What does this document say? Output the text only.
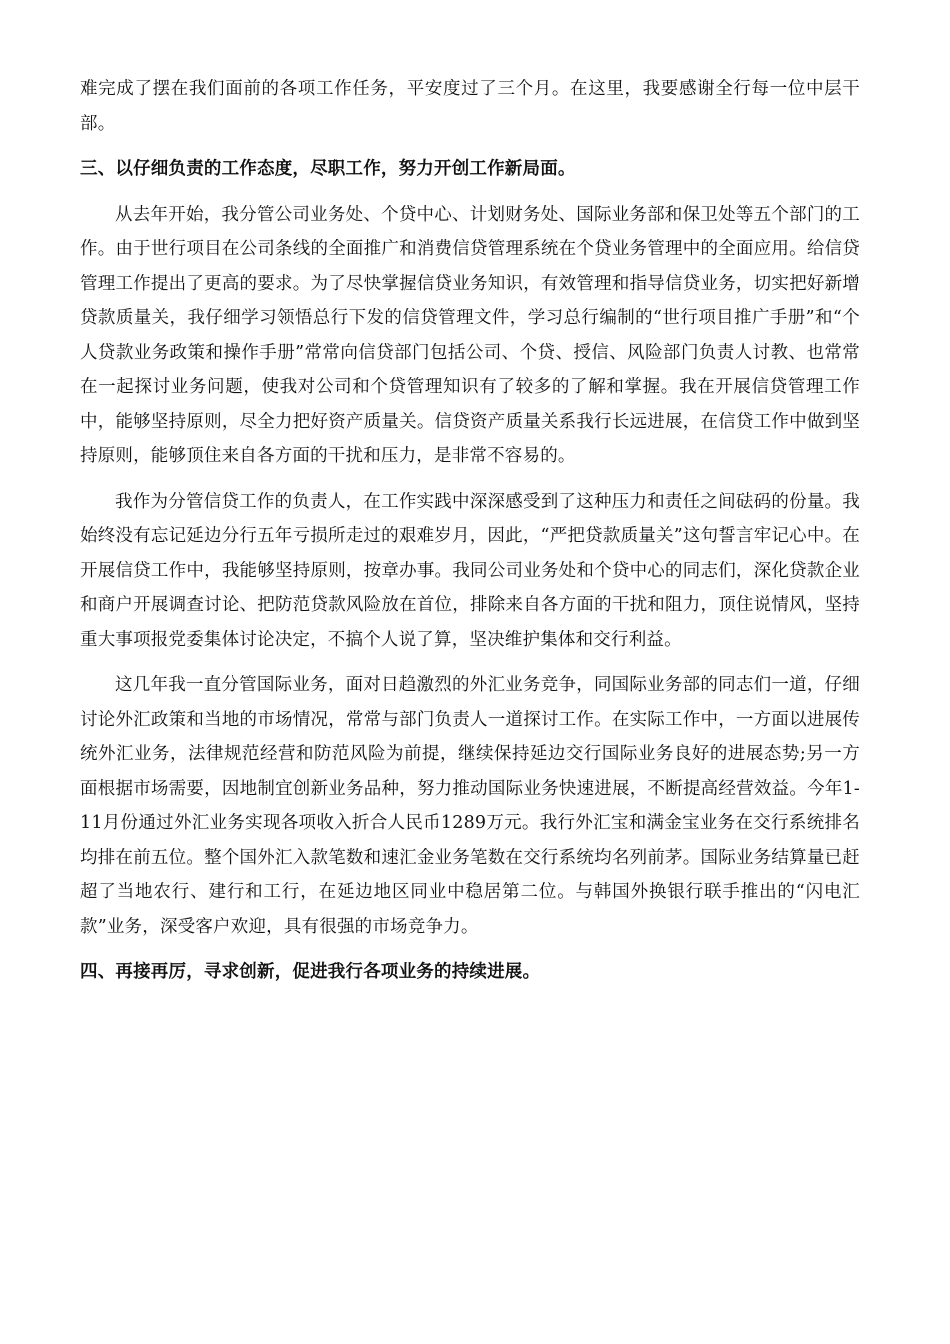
难完成了摆在我们面前的各项工作任务，平安度过了三个月。在这里，我要感谢全行每一位中层干部。

三、以仔细负责的工作态度，尽职工作，努力开创工作新局面。

从去年开始，我分管公司业务处、个贷中心、计划财务处、国际业务部和保卫处等五个部门的工作。由于世行项目在公司条线的全面推广和消费信贷管理系统在个贷业务管理中的全面应用。给信贷管理工作提出了更高的要求。为了尽快掌握信贷业务知识，有效管理和指导信贷业务，切实把好新增贷款质量关，我仔细学习领悟总行下发的信贷管理文件，学习总行编制的“世行项目推广手册”和“个人贷款业务政策和操作手册”常常向信贷部门包括公司、个贷、授信、风险部门负责人讨教、也常常在一起探讨业务问题，使我对公司和个贷管理知识有了较多的了解和掌握。我在开展信贷管理工作中，能够坚持原则，尽全力把好资产质量关。信贷资产质量关系我行长远进展，在信贷工作中做到坚持原则，能够顶住来自各方面的干扰和压力，是非常不容易的。

我作为分管信贷工作的负责人，在工作实践中深深感受到了这种压力和责任之间砝码的份量。我始终没有忘记延边分行五年亏损所走过的艰难岁月，因此，“严把贷款质量关”这句誓言牢记心中。在开展信贷工作中，我能够坚持原则，按章办事。我同公司业务处和个贷中心的同志们，深化贷款企业和商户开展调查讨论、把防范贷款风险放在首位，排除来自各方面的干扰和阻力，顶住说情风，坚持重大事项报党委集体讨论决定，不搞个人说了算，坚决维护集体和交行利益。

这几年我一直分管国际业务，面对日趋激烈的外汇业务竞争，同国际业务部的同志们一道，仔细讨论外汇政策和当地的市场情况，常常与部门负责人一道探讨工作。在实际工作中，一方面以进展传统外汇业务，法律规范经营和防范风险为前提，继续保持延边交行国际业务良好的进展态势;另一方面根据市场需要，因地制宜创新业务品种，努力推动国际业务快速进展，不断提高经营效益。今年1-11月份通过外汇业务实现各项收入折合人民币1289万元。我行外汇宝和满金宝业务在交行系统排名均排在前五位。整个国外汇入款笔数和速汇金业务笔数在交行系统均名列前茅。国际业务结算量已赶超了当地农行、建行和工行，在延边地区同业中稳居第二位。与韩国外换银行联手推出的“闪电汇款”业务，深受客户欢迎，具有很强的市场竞争力。

四、再接再厉，寻求创新，促进我行各项业务的持续进展。
